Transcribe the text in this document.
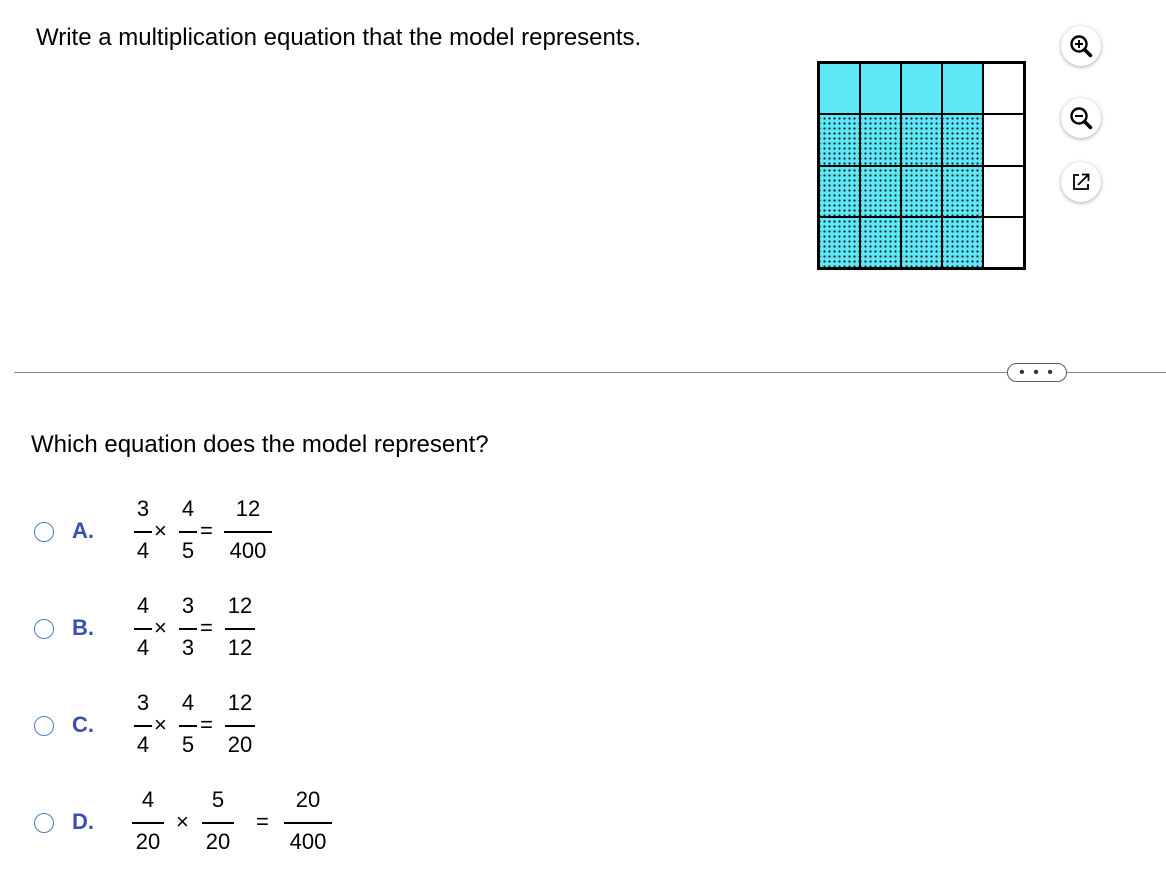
Write a multiplication equation that the model represents.
• • •
Which equation does the model represent?
A.
3
4
×
4
5
=
12
400
B.
4
4
×
3
3
=
12
12
C.
3
4
×
4
5
=
12
20
D.
4
20
×
5
20
=
20
400
